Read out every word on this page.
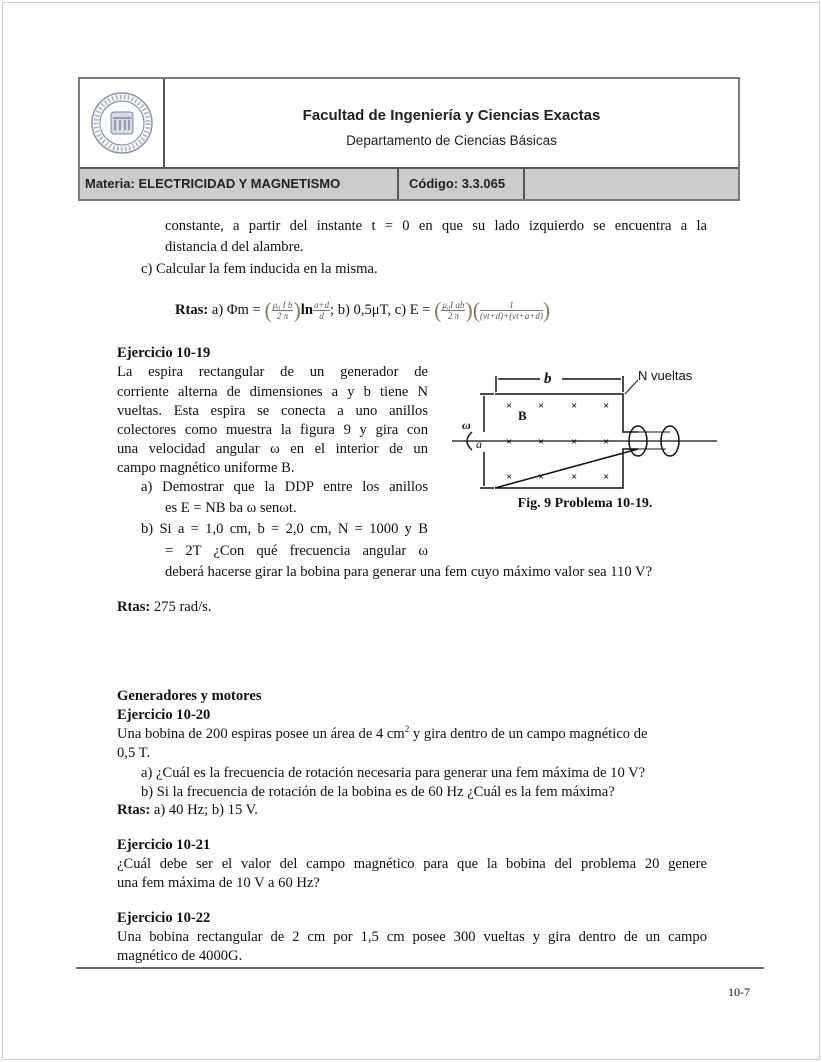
Facultad de Ingeniería y Ciencias Exactas
Departamento de Ciencias Básicas
Materia: ELECTRICIDAD Y MAGNETISMO	Código: 3.3.065
constante, a partir del instante t = 0 en que su lado izquierdo se encuentra a la
distancia d del alambre.
c) Calcular la fem inducida en la misma.
Rtas: a) Φm = ( $\frac{\text{μ₀ I b}}{2 \pi} )\ln \frac{a+d}{d}$ ; b) 0,5μT, c) E = ( $\frac{\text{μ₀I ab}}{2 \pi}$ )( $\frac{1}{(vt+d)+(vt+a+d)}$ )
Ejercicio 10-19
La espira rectangular de un generador de
corriente alterna de dimensiones a y b tiene N
vueltas. Esta espira se conecta a uno anillos
colectores como muestra la figura 9 y gira con
una velocidad angular ω en el interior de un
campo magnético uniforme B.
a) Demostrar que la DDP entre los anillos
es E = NB ba ω senωt.
b) Si a = 1,0 cm, b = 2,0 cm, N = 1000 y B
= 2T ¿Con qué frecuencia angular ω
deberá hacerse girar la bobina para generar una fem cuyo máximo valor sea 110 V?
Rtas: 275 rad/s.
b
a
ω
B
N vueltas
× × × ×
× × × ×
× × × ×
Fig. 9 Problema 10-19.
Generadores y motores
Ejercicio 10-20
Una bobina de 200 espiras posee un área de 4 $cm^2$ y gira dentro de un campo magnético de
0,5 T.
a) ¿Cuál es la frecuencia de rotación necesaria para generar una fem máxima de 10 V?
b) Si la frecuencia de rotación de la bobina es de 60 Hz ¿Cuál es la fem máxima?
Rtas: a) 40 Hz; b) 15 V.
Ejercicio 10-21
¿Cuál debe ser el valor del campo magnético para que la bobina del problema 20 genere
una fem máxima de 10 V a 60 Hz?
Ejercicio 10-22
Una bobina rectangular de 2 cm por 1,5 cm posee 300 vueltas y gira dentro de un campo
magnético de 4000G.
10-7
